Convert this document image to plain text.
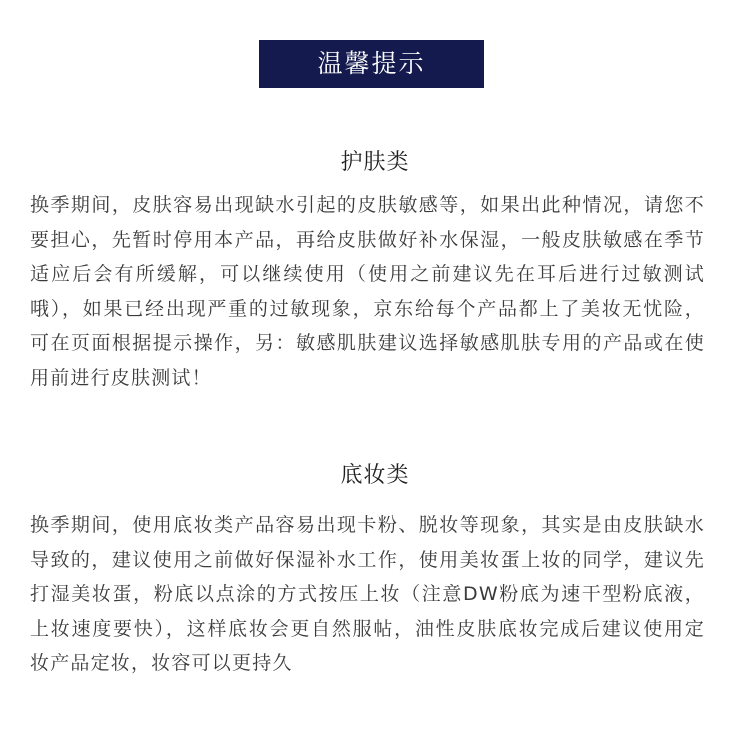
温馨提示
护肤类

换季期间，皮肤容易出现缺水引起的皮肤敏感等，如果出此种情况，请您不要担心，先暂时停用本产品，再给皮肤做好补水保湿，一般皮肤敏感在季节适应后会有所缓解，可以继续使用（使用之前建议先在耳后进行过敏测试哦），如果已经出现严重的过敏现象，京东给每个产品都上了美妆无忧险，可在页面根据提示操作，另：敏感肌肤建议选择敏感肌肤专用的产品或在使用前进行皮肤测试！

底妆类

换季期间，使用底妆类产品容易出现卡粉、脱妆等现象，其实是由皮肤缺水导致的，建议使用之前做好保湿补水工作，使用美妆蛋上妆的同学，建议先打湿美妆蛋，粉底以点涂的方式按压上妆（注意DW粉底为速干型粉底液，上妆速度要快），这样底妆会更自然服帖，油性皮肤底妆完成后建议使用定妆产品定妆，妆容可以更持久
